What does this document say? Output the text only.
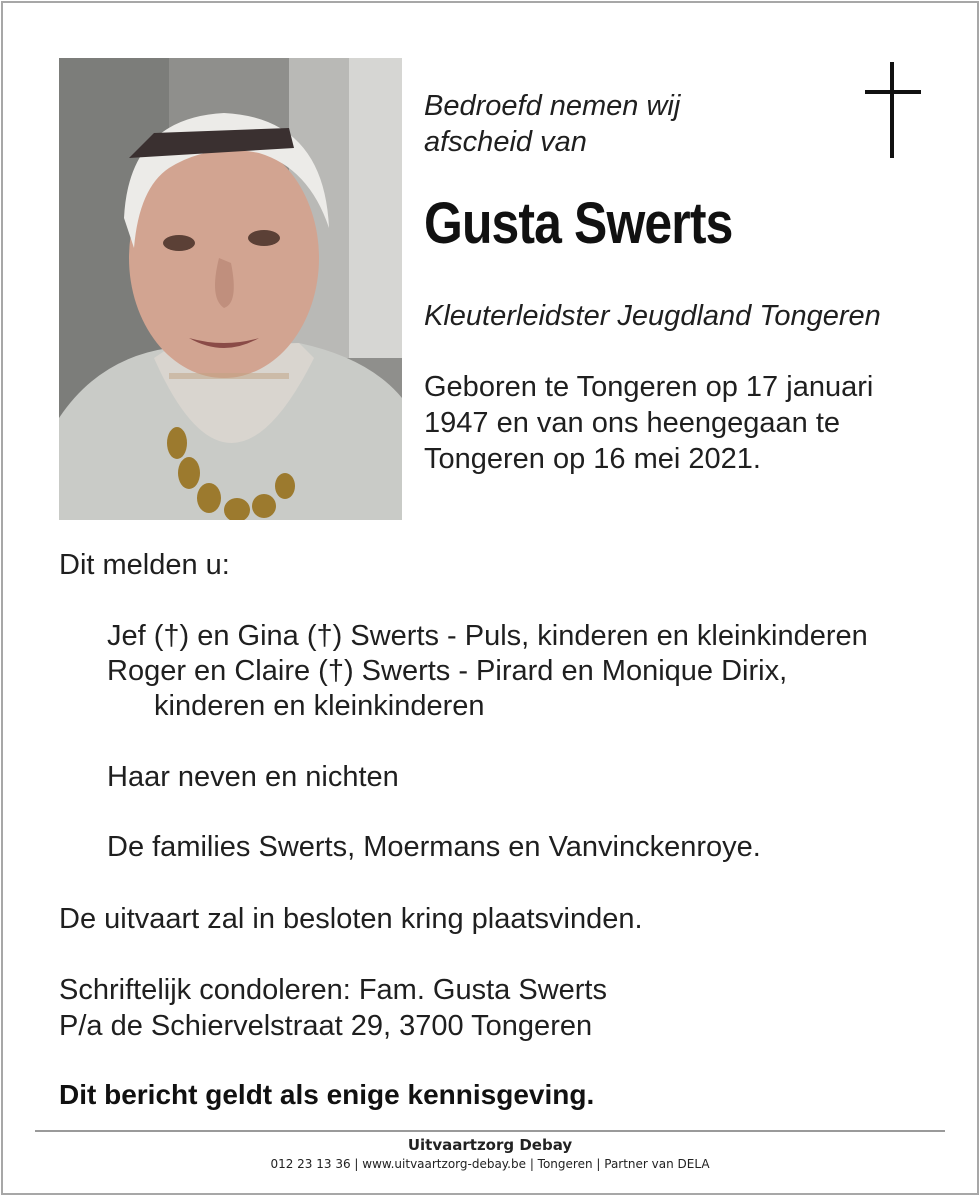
Bedroefd nemen wij
afscheid van
Gusta Swerts
Kleuterleidster Jeugdland Tongeren
Geboren te Tongeren op 17 januari
1947 en van ons heengegaan te
Tongeren op 16 mei 2021.
Dit melden u:
Jef (†) en Gina (†) Swerts - Puls, kinderen en kleinkinderen
Roger en Claire (†) Swerts - Pirard en Monique Dirix,
kinderen en kleinkinderen
Haar neven en nichten
De families Swerts, Moermans en Vanvinckenroye.
De uitvaart zal in besloten kring plaatsvinden.
Schriftelijk condoleren: Fam. Gusta Swerts
P/a de Schiervelstraat 29, 3700 Tongeren
Dit bericht geldt als enige kennisgeving.
Uitvaartzorg Debay
012 23 13 36 | www.uitvaartzorg-debay.be | Tongeren | Partner van DELA
